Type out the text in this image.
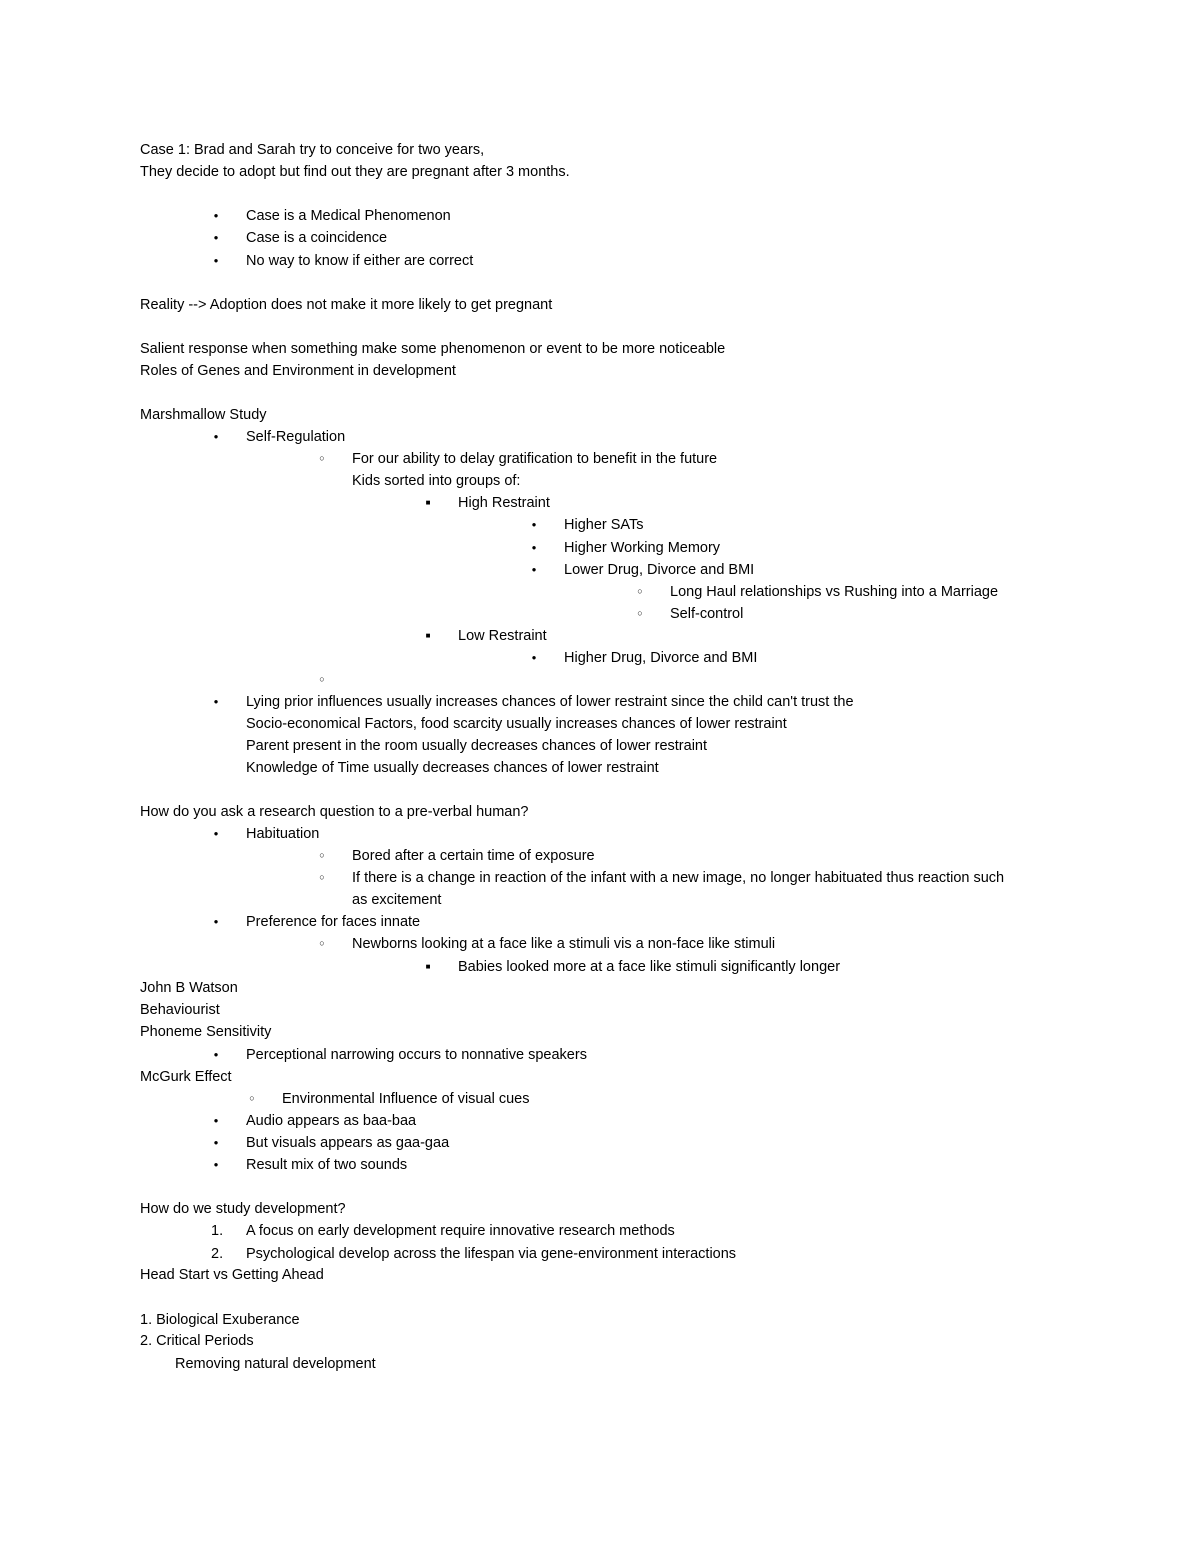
Case 1: Brad and Sarah try to conceive for two years,
They decide to adopt but find out they are pregnant after 3 months.
●
Case is a Medical Phenomenon
●
Case is a coincidence
●
No way to know if either are correct
Reality --> Adoption does not make it more likely to get pregnant
Salient response when something make some phenomenon or event to be more noticeable
Roles of Genes and Environment in development
Marshmallow Study
●
Self-Regulation
○
For our ability to delay gratification to benefit in the future
Kids sorted into groups of:
■
High Restraint
●
Higher SATs
●
Higher Working Memory
●
Lower Drug, Divorce and BMI
○
Long Haul relationships vs Rushing into a Marriage
○
Self-control
■
Low Restraint
●
Higher Drug, Divorce and BMI
○
●
Lying prior influences usually increases chances of lower restraint since the child can't trust the
Socio-economical Factors, food scarcity usually increases chances of lower restraint
Parent present in the room usually decreases chances of lower restraint
Knowledge of Time usually decreases chances of lower restraint
How do you ask a research question to a pre-verbal human?
●
Habituation
○
Bored after a certain time of exposure
○
If there is a change in reaction of the infant with a new image, no longer habituated thus reaction such
as excitement
●
Preference for faces innate
○
Newborns looking at a face like a stimuli vis a non-face like stimuli
■
Babies looked more at a face like stimuli significantly longer
John B Watson
Behaviourist
Phoneme Sensitivity
●
Perceptional narrowing occurs to nonnative speakers
McGurk Effect
○
Environmental Influence of visual cues
●
Audio appears as baa-baa
●
But visuals appears as gaa-gaa
●
Result mix of two sounds
How do we study development?
1.	A focus on early development require innovative research methods
2.	Psychological develop across the lifespan via gene-environment interactions
Head Start vs Getting Ahead
1. Biological Exuberance
2. Critical Periods
Removing natural development
